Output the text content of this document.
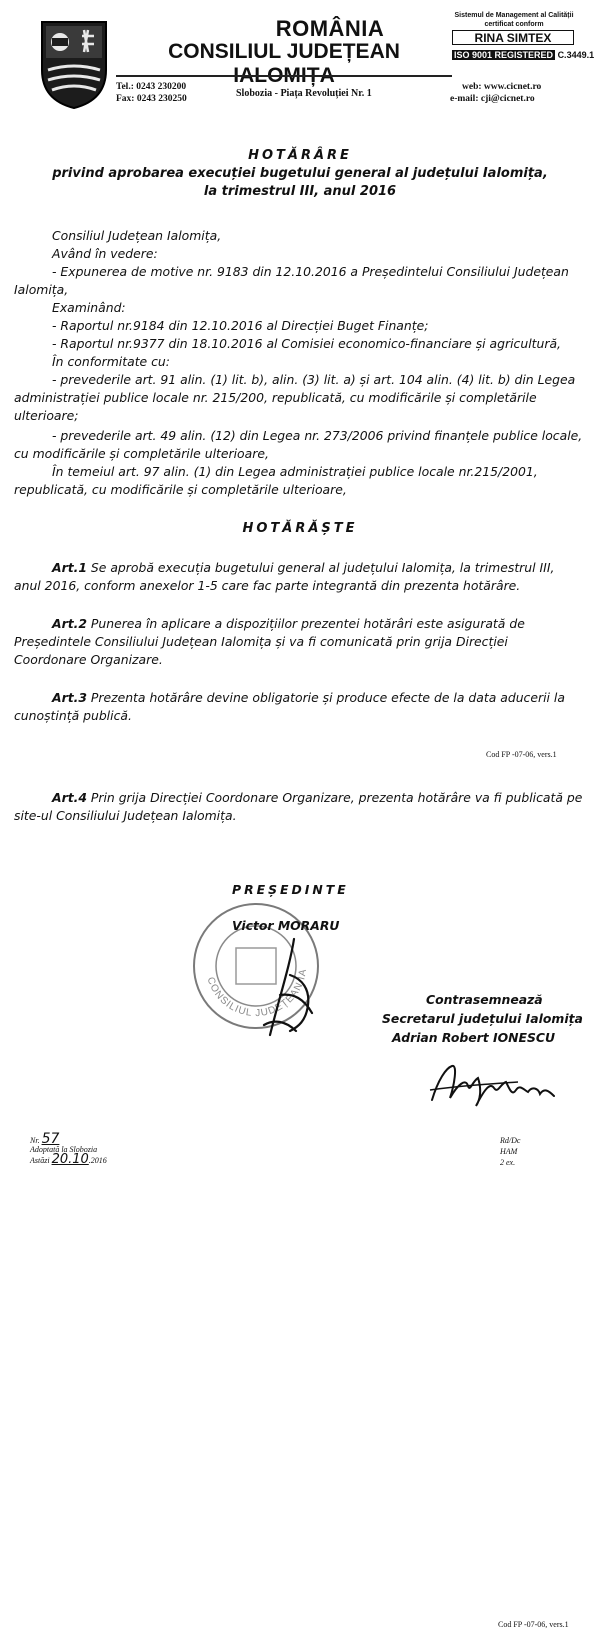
ROMÂNIA
CONSILIUL JUDEȚEAN IALOMIȚA
Sistemul de Management al Calității
certificat conform
RINA SIMTEX
ISO 9001 REGISTERED C.3449.1
Tel.: 0243 230200
Fax: 0243 230250	Slobozia - Piața Revoluției Nr. 1
web: www.cicnet.ro
e-mail: cji@cicnet.ro
HOTĂRÂRE
privind aprobarea execuției bugetului general al județului Ialomița,
la trimestrul III, anul 2016
Consiliul Județean Ialomița,
Având în vedere:
- Expunerea de motive nr. 9183 din 12.10.2016 a Președintelui Consiliului Județean
Ialomița,
Examinând:
- Raportul nr.9184 din 12.10.2016 al Direcției Buget Finanțe;
- Raportul nr.9377 din 18.10.2016 al Comisiei economico-financiare și agricultură,
În conformitate cu:
- prevederile art. 91 alin. (1) lit. b), alin. (3) lit. a) și art. 104 alin. (4) lit. b) din Legea
administrației publice locale nr. 215/200, republicată, cu modificările și completările
ulterioare;
- prevederile art. 49 alin. (12) din Legea nr. 273/2006 privind finanțele publice locale,
cu modificările și completările ulterioare,
În temeiul art. 97 alin. (1) din Legea administrației publice locale nr.215/2001,
republicată, cu modificările și completările ulterioare,
HOTĂRĂȘTE
Art.1 Se aprobă execuția bugetului general al județului Ialomița, la trimestrul III,
anul 2016, conform anexelor 1-5 care fac parte integrantă din prezenta hotărâre.
Art.2 Punerea în aplicare a dispozițiilor prezentei hotărâri este asigurată de
Președintele Consiliului Județean Ialomița și va fi comunicată prin grija Direcției
Coordonare Organizare.
Art.3 Prezenta hotărâre devine obligatorie și produce efecte de la data aducerii la
cunoștință publică.
Cod FP -07-06, vers.1
Art.4 Prin grija Direcției Coordonare Organizare, prezenta hotărâre va fi publicată pe
site-ul Consiliului Județean Ialomița.
CONSILIUL JUDEȚEAN IA
PREȘEDINTE
Victor MORARU
Contrasemnează
Secretarul județului Ialomița
Adrian Robert IONESCU
Nr. 57
Adoptată la Slobozia
Astăzi 20.10.2016
Rd/Dc
HAM
2 ex.
Cod FP -07-06, vers.1
